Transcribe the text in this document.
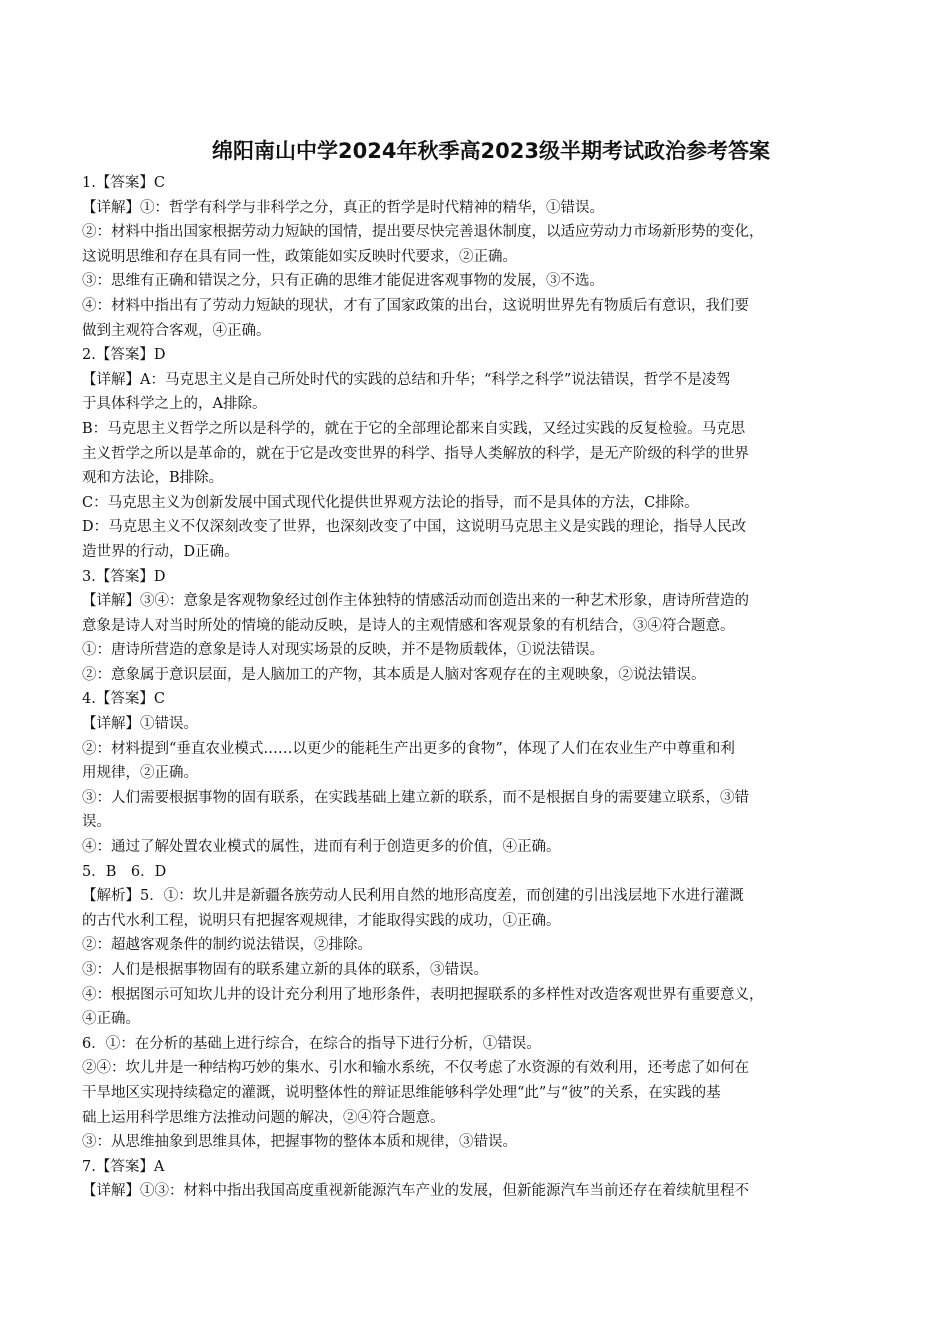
绵阳南山中学2024年秋季高2023级半期考试政治参考答案

1.【答案】C

【详解】①：哲学有科学与非科学之分，真正的哲学是时代精神的精华，①错误。

②：材料中指出国家根据劳动力短缺的国情，提出要尽快完善退休制度，以适应劳动力市场新形势的变化，

这说明思维和存在具有同一性，政策能如实反映时代要求，②正确。

③：思维有正确和错误之分，只有正确的思维才能促进客观事物的发展，③不选。

④：材料中指出有了劳动力短缺的现状，才有了国家政策的出台，这说明世界先有物质后有意识，我们要

做到主观符合客观，④正确。

2.【答案】D

【详解】A：马克思主义是自己所处时代的实践的总结和升华；“科学之科学”说法错误，哲学不是凌驾

于具体科学之上的，A排除。

B：马克思主义哲学之所以是科学的，就在于它的全部理论都来自实践，又经过实践的反复检验。马克思

主义哲学之所以是革命的，就在于它是改变世界的科学、指导人类解放的科学，是无产阶级的科学的世界

观和方法论，B排除。

C：马克思主义为创新发展中国式现代化提供世界观方法论的指导，而不是具体的方法，C排除。

D：马克思主义不仅深刻改变了世界，也深刻改变了中国，这说明马克思主义是实践的理论，指导人民改

造世界的行动，D正确。

3.【答案】D

【详解】③④：意象是客观物象经过创作主体独特的情感活动而创造出来的一种艺术形象，唐诗所营造的

意象是诗人对当时所处的情境的能动反映，是诗人的主观情感和客观景象的有机结合，③④符合题意。

①：唐诗所营造的意象是诗人对现实场景的反映，并不是物质载体，①说法错误。

②：意象属于意识层面，是人脑加工的产物，其本质是人脑对客观存在的主观映象，②说法错误。

4.【答案】C

【详解】①错误。

②：材料提到“垂直农业模式……以更少的能耗生产出更多的食物”，体现了人们在农业生产中尊重和利

用规律，②正确。

③：人们需要根据事物的固有联系，在实践基础上建立新的联系，而不是根据自身的需要建立联系，③错

误。

④：通过了解处置农业模式的属性，进而有利于创造更多的价值，④正确。

5．B　6．D

【解析】5．①：坎儿井是新疆各族劳动人民利用自然的地形高度差，而创建的引出浅层地下水进行灌溉

的古代水利工程，说明只有把握客观规律，才能取得实践的成功，①正确。

②：超越客观条件的制约说法错误，②排除。

③：人们是根据事物固有的联系建立新的具体的联系，③错误。

④：根据图示可知坎儿井的设计充分利用了地形条件，表明把握联系的多样性对改造客观世界有重要意义，

④正确。

6．①：在分析的基础上进行综合，在综合的指导下进行分析，①错误。

②④：坎儿井是一种结构巧妙的集水、引水和输水系统，不仅考虑了水资源的有效利用，还考虑了如何在

干旱地区实现持续稳定的灌溉，说明整体性的辩证思维能够科学处理“此”与“彼”的关系，在实践的基

础上运用科学思维方法推动问题的解决，②④符合题意。

③：从思维抽象到思维具体，把握事物的整体本质和规律，③错误。

7.【答案】A

【详解】①③：材料中指出我国高度重视新能源汽车产业的发展，但新能源汽车当前还存在着续航里程不
